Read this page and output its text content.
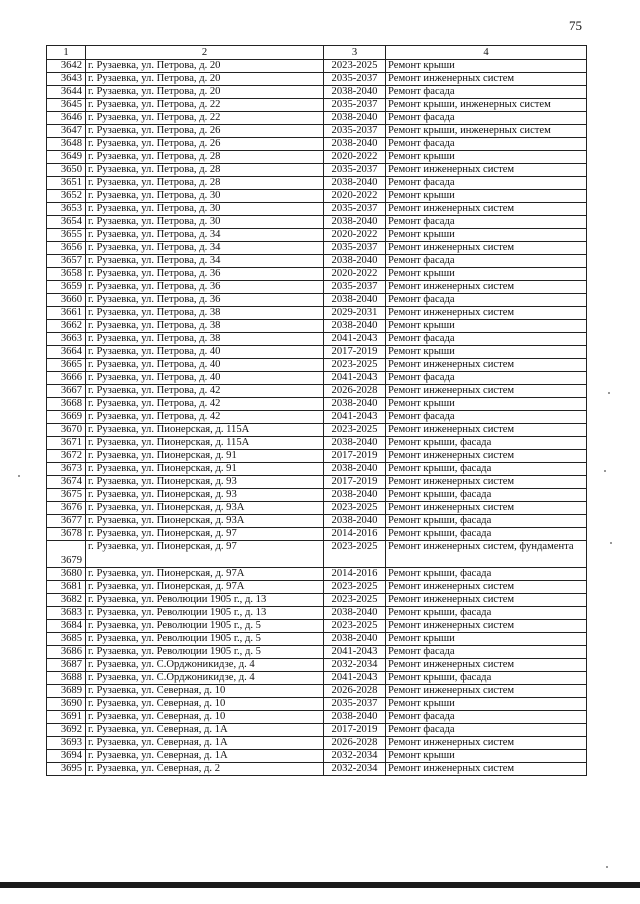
75
1	2	3	4
3642	г. Рузаевка, ул. Петрова, д. 20	2023-2025	Ремонт крыши
3643	г. Рузаевка, ул. Петрова, д. 20	2035-2037	Ремонт инженерных систем
3644	г. Рузаевка, ул. Петрова, д. 20	2038-2040	Ремонт фасада
3645	г. Рузаевка, ул. Петрова, д. 22	2035-2037	Ремонт крыши, инженерных систем
3646	г. Рузаевка, ул. Петрова, д. 22	2038-2040	Ремонт фасада
3647	г. Рузаевка, ул. Петрова, д. 26	2035-2037	Ремонт крыши, инженерных систем
3648	г. Рузаевка, ул. Петрова, д. 26	2038-2040	Ремонт фасада
3649	г. Рузаевка, ул. Петрова, д. 28	2020-2022	Ремонт крыши
3650	г. Рузаевка, ул. Петрова, д. 28	2035-2037	Ремонт инженерных систем
3651	г. Рузаевка, ул. Петрова, д. 28	2038-2040	Ремонт фасада
3652	г. Рузаевка, ул. Петрова, д. 30	2020-2022	Ремонт крыши
3653	г. Рузаевка, ул. Петрова, д. 30	2035-2037	Ремонт инженерных систем
3654	г. Рузаевка, ул. Петрова, д. 30	2038-2040	Ремонт фасада
3655	г. Рузаевка, ул. Петрова, д. 34	2020-2022	Ремонт крыши
3656	г. Рузаевка, ул. Петрова, д. 34	2035-2037	Ремонт инженерных систем
3657	г. Рузаевка, ул. Петрова, д. 34	2038-2040	Ремонт фасада
3658	г. Рузаевка, ул. Петрова, д. 36	2020-2022	Ремонт крыши
3659	г. Рузаевка, ул. Петрова, д. 36	2035-2037	Ремонт инженерных систем
3660	г. Рузаевка, ул. Петрова, д. 36	2038-2040	Ремонт фасада
3661	г. Рузаевка, ул. Петрова, д. 38	2029-2031	Ремонт инженерных систем
3662	г. Рузаевка, ул. Петрова, д. 38	2038-2040	Ремонт крыши
3663	г. Рузаевка, ул. Петрова, д. 38	2041-2043	Ремонт фасада
3664	г. Рузаевка, ул. Петрова, д. 40	2017-2019	Ремонт крыши
3665	г. Рузаевка, ул. Петрова, д. 40	2023-2025	Ремонт инженерных систем
3666	г. Рузаевка, ул. Петрова, д. 40	2041-2043	Ремонт фасада
3667	г. Рузаевка, ул. Петрова, д. 42	2026-2028	Ремонт инженерных систем
3668	г. Рузаевка, ул. Петрова, д. 42	2038-2040	Ремонт крыши
3669	г. Рузаевка, ул. Петрова, д. 42	2041-2043	Ремонт фасада
3670	г. Рузаевка, ул. Пионерская, д. 115А	2023-2025	Ремонт инженерных систем
3671	г. Рузаевка, ул. Пионерская, д. 115А	2038-2040	Ремонт крыши, фасада
3672	г. Рузаевка, ул. Пионерская, д. 91	2017-2019	Ремонт инженерных систем
3673	г. Рузаевка, ул. Пионерская, д. 91	2038-2040	Ремонт крыши, фасада
3674	г. Рузаевка, ул. Пионерская, д. 93	2017-2019	Ремонт инженерных систем
3675	г. Рузаевка, ул. Пионерская, д. 93	2038-2040	Ремонт крыши, фасада
3676	г. Рузаевка, ул. Пионерская, д. 93А	2023-2025	Ремонт инженерных систем
3677	г. Рузаевка, ул. Пионерская, д. 93А	2038-2040	Ремонт крыши, фасада
3678	г. Рузаевка, ул. Пионерская, д. 97	2014-2016	Ремонт крыши, фасада
3679	г. Рузаевка, ул. Пионерская, д. 97	2023-2025	Ремонт инженерных систем, фундамента
3680	г. Рузаевка, ул. Пионерская, д. 97А	2014-2016	Ремонт крыши, фасада
3681	г. Рузаевка, ул. Пионерская, д. 97А	2023-2025	Ремонт инженерных систем
3682	г. Рузаевка, ул. Революции 1905 г., д. 13	2023-2025	Ремонт инженерных систем
3683	г. Рузаевка, ул. Революции 1905 г., д. 13	2038-2040	Ремонт крыши, фасада
3684	г. Рузаевка, ул. Революции 1905 г., д. 5	2023-2025	Ремонт инженерных систем
3685	г. Рузаевка, ул. Революции 1905 г., д. 5	2038-2040	Ремонт крыши
3686	г. Рузаевка, ул. Революции 1905 г., д. 5	2041-2043	Ремонт фасада
3687	г. Рузаевка, ул. С.Орджоникидзе, д. 4	2032-2034	Ремонт инженерных систем
3688	г. Рузаевка, ул. С.Орджоникидзе, д. 4	2041-2043	Ремонт крыши, фасада
3689	г. Рузаевка, ул. Северная, д. 10	2026-2028	Ремонт инженерных систем
3690	г. Рузаевка, ул. Северная, д. 10	2035-2037	Ремонт крыши
3691	г. Рузаевка, ул. Северная, д. 10	2038-2040	Ремонт фасада
3692	г. Рузаевка, ул. Северная, д. 1А	2017-2019	Ремонт фасада
3693	г. Рузаевка, ул. Северная, д. 1А	2026-2028	Ремонт инженерных систем
3694	г. Рузаевка, ул. Северная, д. 1А	2032-2034	Ремонт крыши
3695	г. Рузаевка, ул. Северная, д. 2	2032-2034	Ремонт инженерных систем
